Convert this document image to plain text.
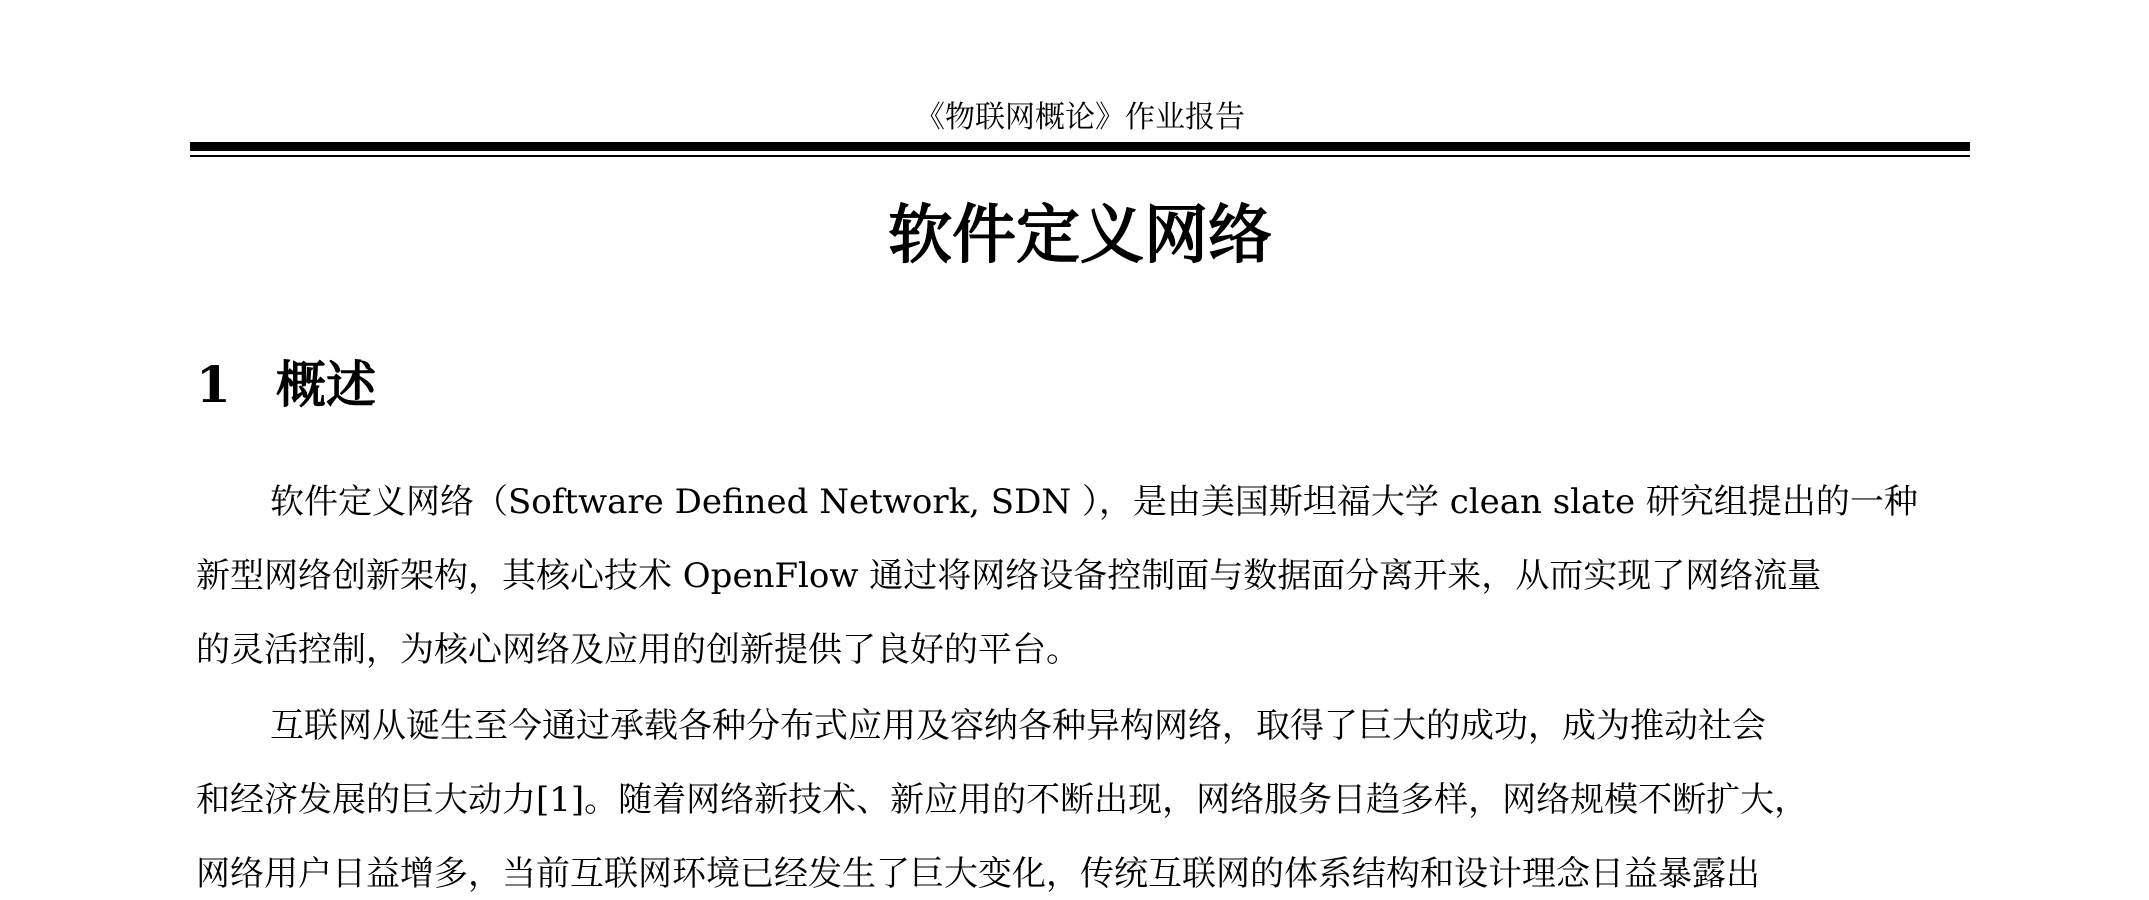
《物联网概论》作业报告
软件定义网络
1 概述
软件定义网络（Software Defined Network, SDN ），是由美国斯坦福大学 clean slate 研究组提出的一种
新型网络创新架构，其核心技术 OpenFlow 通过将网络设备控制面与数据面分离开来，从而实现了网络流量
的灵活控制，为核心网络及应用的创新提供了良好的平台。
互联网从诞生至今通过承载各种分布式应用及容纳各种异构网络，取得了巨大的成功，成为推动社会
和经济发展的巨大动力[1]。随着网络新技术、新应用的不断出现，网络服务日趋多样，网络规模不断扩大，
网络用户日益增多，当前互联网环境已经发生了巨大变化，传统互联网的体系结构和设计理念日益暴露出
